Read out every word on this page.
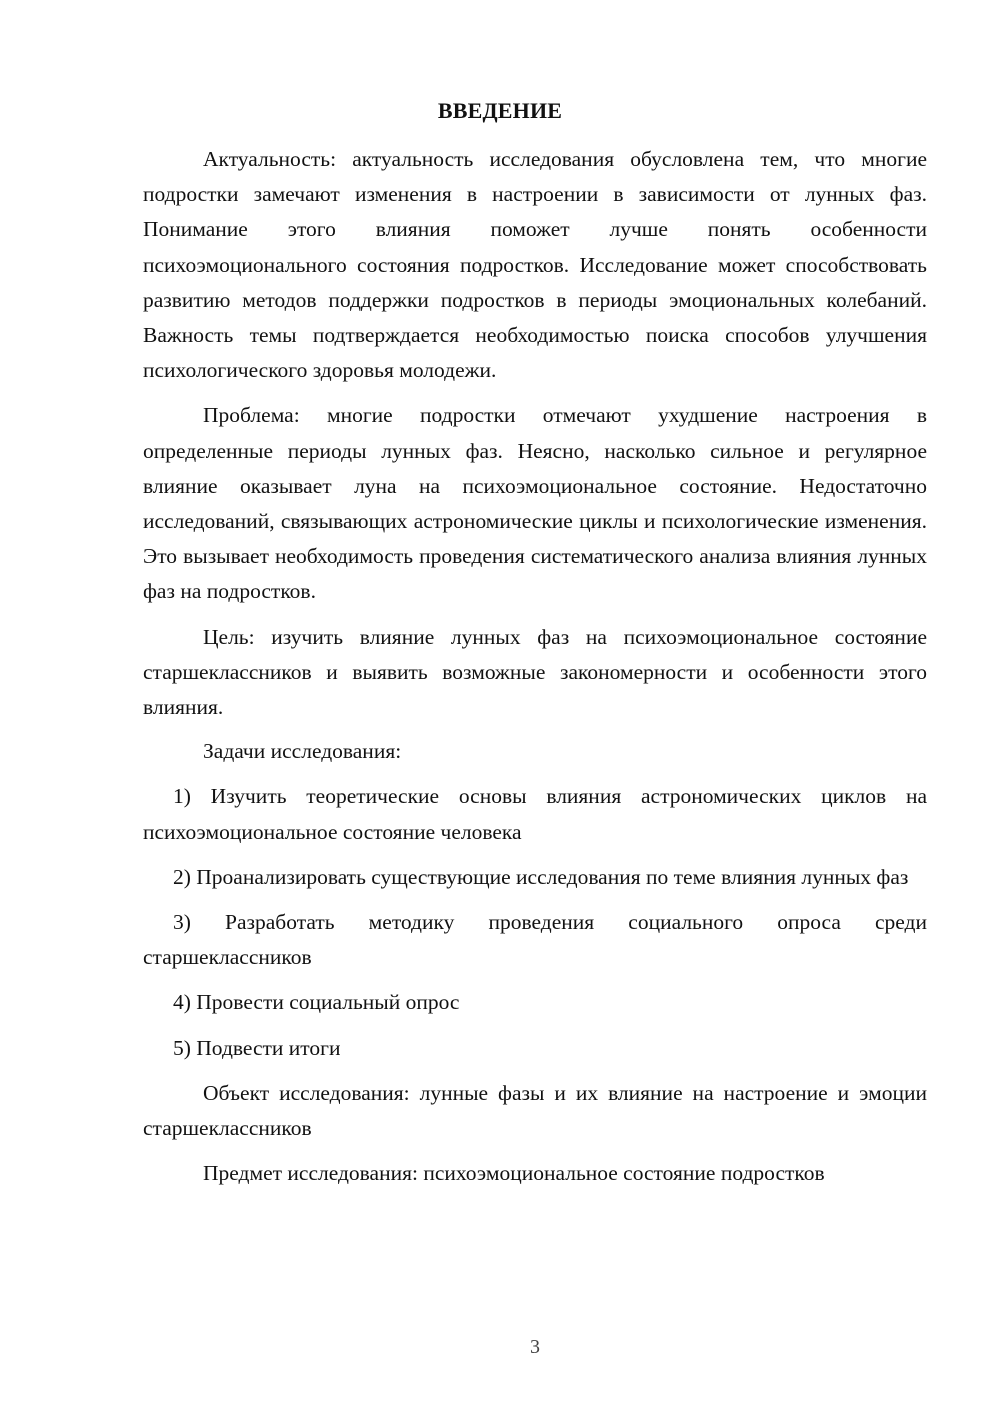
ВВЕДЕНИЕ

Актуальность: актуальность исследования обусловлена тем, что многие подростки замечают изменения в настроении в зависимости от лунных фаз. Понимание этого влияния поможет лучше понять особенности психоэмоционального состояния подростков. Исследование может способствовать развитию методов поддержки подростков в периоды эмоциональных колебаний. Важность темы подтверждается необходимостью поиска способов улучшения психологического здоровья молодежи.

Проблема: многие подростки отмечают ухудшение настроения в определенные периоды лунных фаз. Неясно, насколько сильное и регулярное влияние оказывает луна на психоэмоциональное состояние. Недостаточно исследований, связывающих астрономические циклы и психологические изменения. Это вызывает необходимость проведения систематического анализа влияния лунных фаз на подростков.

Цель: изучить влияние лунных фаз на психоэмоциональное состояние старшеклассников и выявить возможные закономерности и особенности этого влияния.

Задачи исследования:

1) Изучить теоретические основы влияния астрономических циклов на психоэмоциональное состояние человека

2) Проанализировать существующие исследования по теме влияния лунных фаз

3) Разработать методику проведения социального опроса среди старшеклассников

4) Провести социальный опрос

5) Подвести итоги

Объект исследования: лунные фазы и их влияние на настроение и эмоции старшеклассников

Предмет исследования: психоэмоциональное состояние подростков

3
